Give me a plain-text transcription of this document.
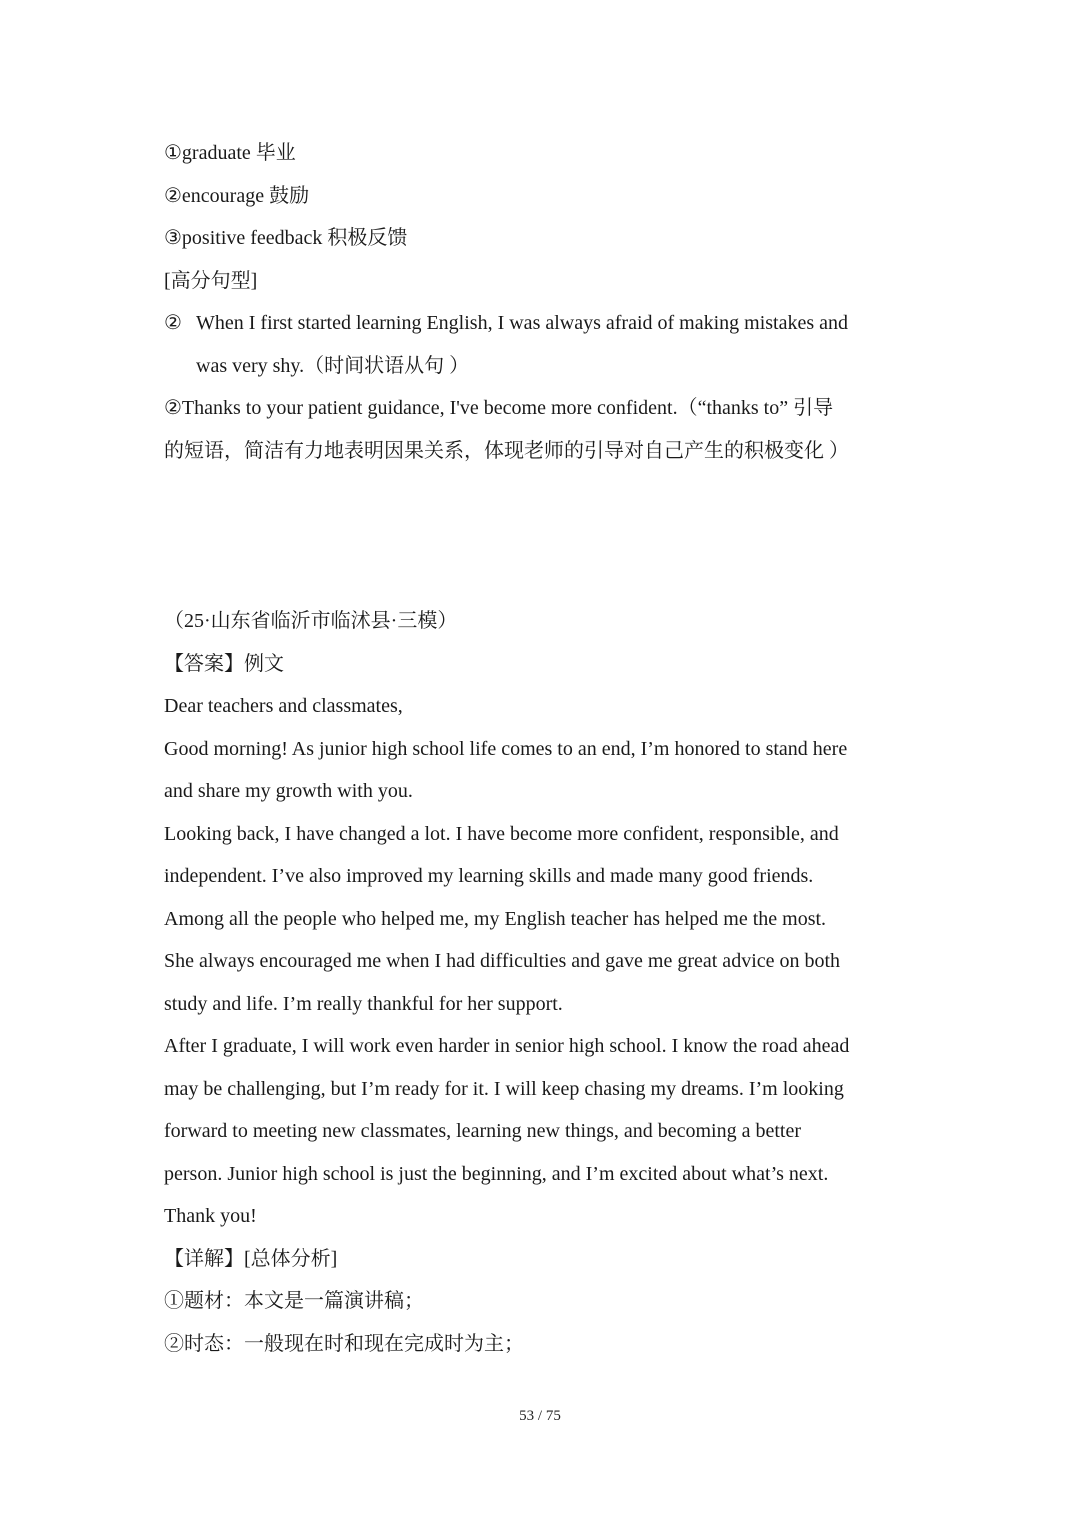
①graduate 毕业
②encourage 鼓励
③positive feedback 积极反馈
[高分句型]
② When I first started learning English, I was always afraid of making mistakes and
was very shy.（时间状语从句 ）
②Thanks to your patient guidance, I've become more confident.（“thanks to” 引导
的短语，简洁有力地表明因果关系，体现老师的引导对自己产生的积极变化 ）
（25·山东省临沂市临沭县·三模）
【答案】例文
Dear teachers and classmates,
Good morning! As junior high school life comes to an end, I’m honored to stand here
and share my growth with you.
Looking back, I have changed a lot. I have become more confident, responsible, and
independent. I’ve also improved my learning skills and made many good friends.
Among all the people who helped me, my English teacher has helped me the most.
She always encouraged me when I had difficulties and gave me great advice on both
study and life. I’m really thankful for her support.
After I graduate, I will work even harder in senior high school. I know the road ahead
may be challenging, but I’m ready for it. I will keep chasing my dreams. I’m looking
forward to meeting new classmates, learning new things, and becoming a better
person. Junior high school is just the beginning, and I’m excited about what’s next.
Thank you!
【详解】[总体分析]
①题材：本文是一篇演讲稿；
②时态：一般现在时和现在完成时为主；
53 / 75
